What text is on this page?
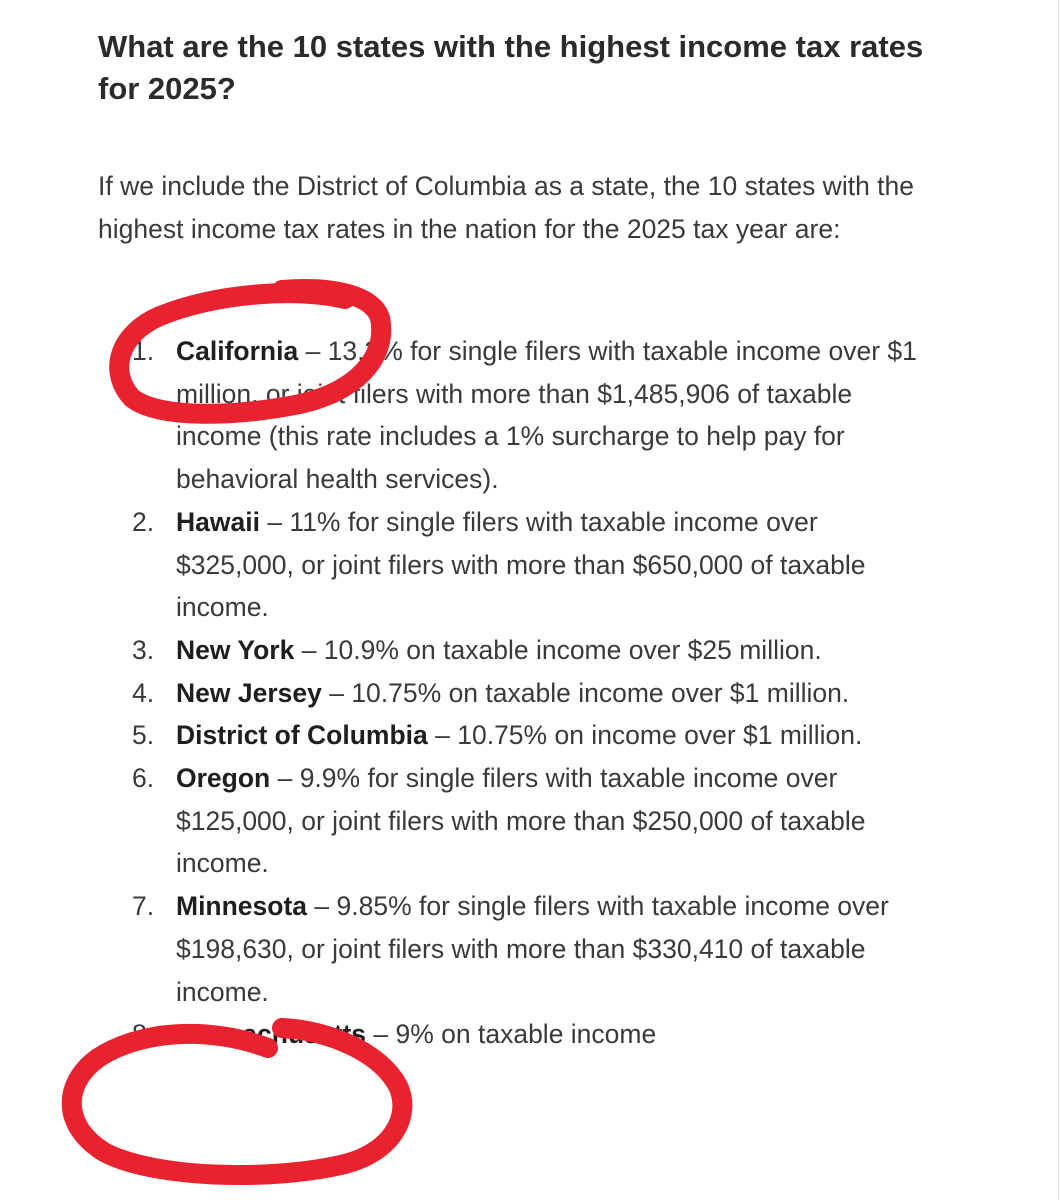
What are the 10 states with the highest income tax rates for 2025?

If we include the District of Columbia as a state, the 10 states with the highest income tax rates in the nation for the 2025 tax year are:

1. California – 13.3% for single filers with taxable income over $1 million, or joint filers with more than $1,485,906 of taxable income (this rate includes a 1% surcharge to help pay for behavioral health services).
2. Hawaii – 11% for single filers with taxable income over $325,000, or joint filers with more than $650,000 of taxable income.
3. New York – 10.9% on taxable income over $25 million.
4. New Jersey – 10.75% on taxable income over $1 million.
5. District of Columbia – 10.75% on income over $1 million.
6. Oregon – 9.9% for single filers with taxable income over $125,000, or joint filers with more than $250,000 of taxable income.
7. Minnesota – 9.85% for single filers with taxable income over $198,630, or joint filers with more than $330,410 of taxable income.
8. Massachusetts – 9% on taxable income
